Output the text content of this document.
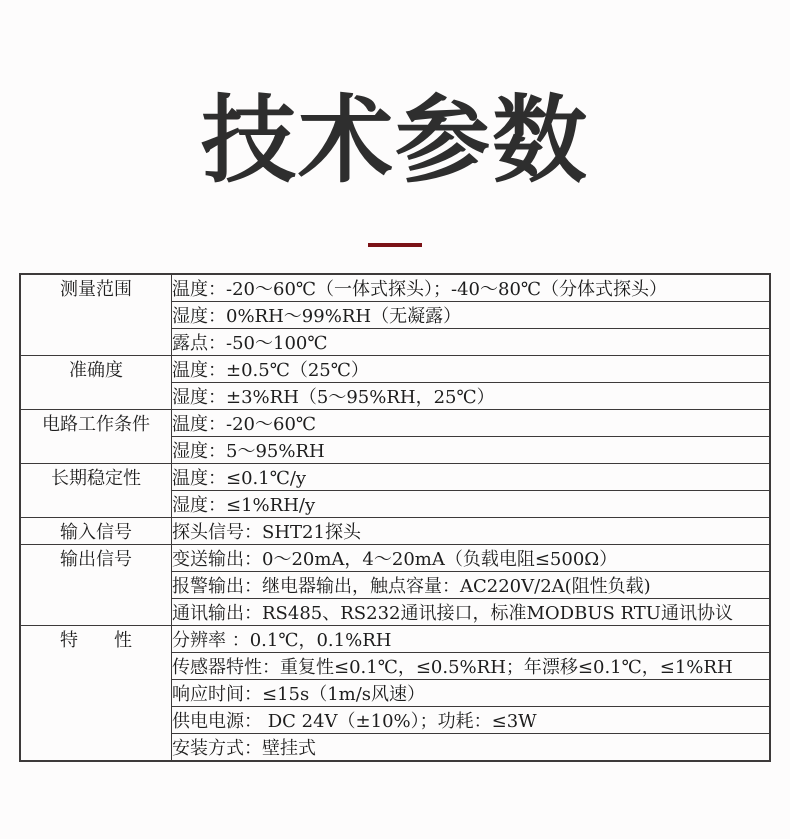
技术参数
测量范围	温度：-20～60℃（一体式探头）；-40～80℃（分体式探头）
	湿度：0%RH～99%RH（无凝露）
	露点：-50～100℃

准确度	温度：±0.5℃（25℃）
	湿度：±3%RH（5～95%RH，25℃）

电路工作条件	温度：-20～60℃
	湿度：5～95%RH

长期稳定性	温度：≤0.1℃/y
	湿度：≤1%RH/y

输入信号	探头信号：SHT21探头

输出信号	变送输出：0～20mA，4～20mA（负载电阻≤500Ω）
	报警输出：继电器输出，触点容量：AC220V/2A(阻性负载)
	通讯输出：RS485、RS232通讯接口，标准MODBUS RTU通讯协议

特　　性	分辨率 ：0.1℃，0.1%RH
	传感器特性：重复性≤0.1℃，≤0.5%RH；年漂移≤0.1℃，≤1%RH
	响应时间：≤15s（1m/s风速）
	供电电源： DC 24V（±10%）；功耗：≤3W
	安装方式：壁挂式
